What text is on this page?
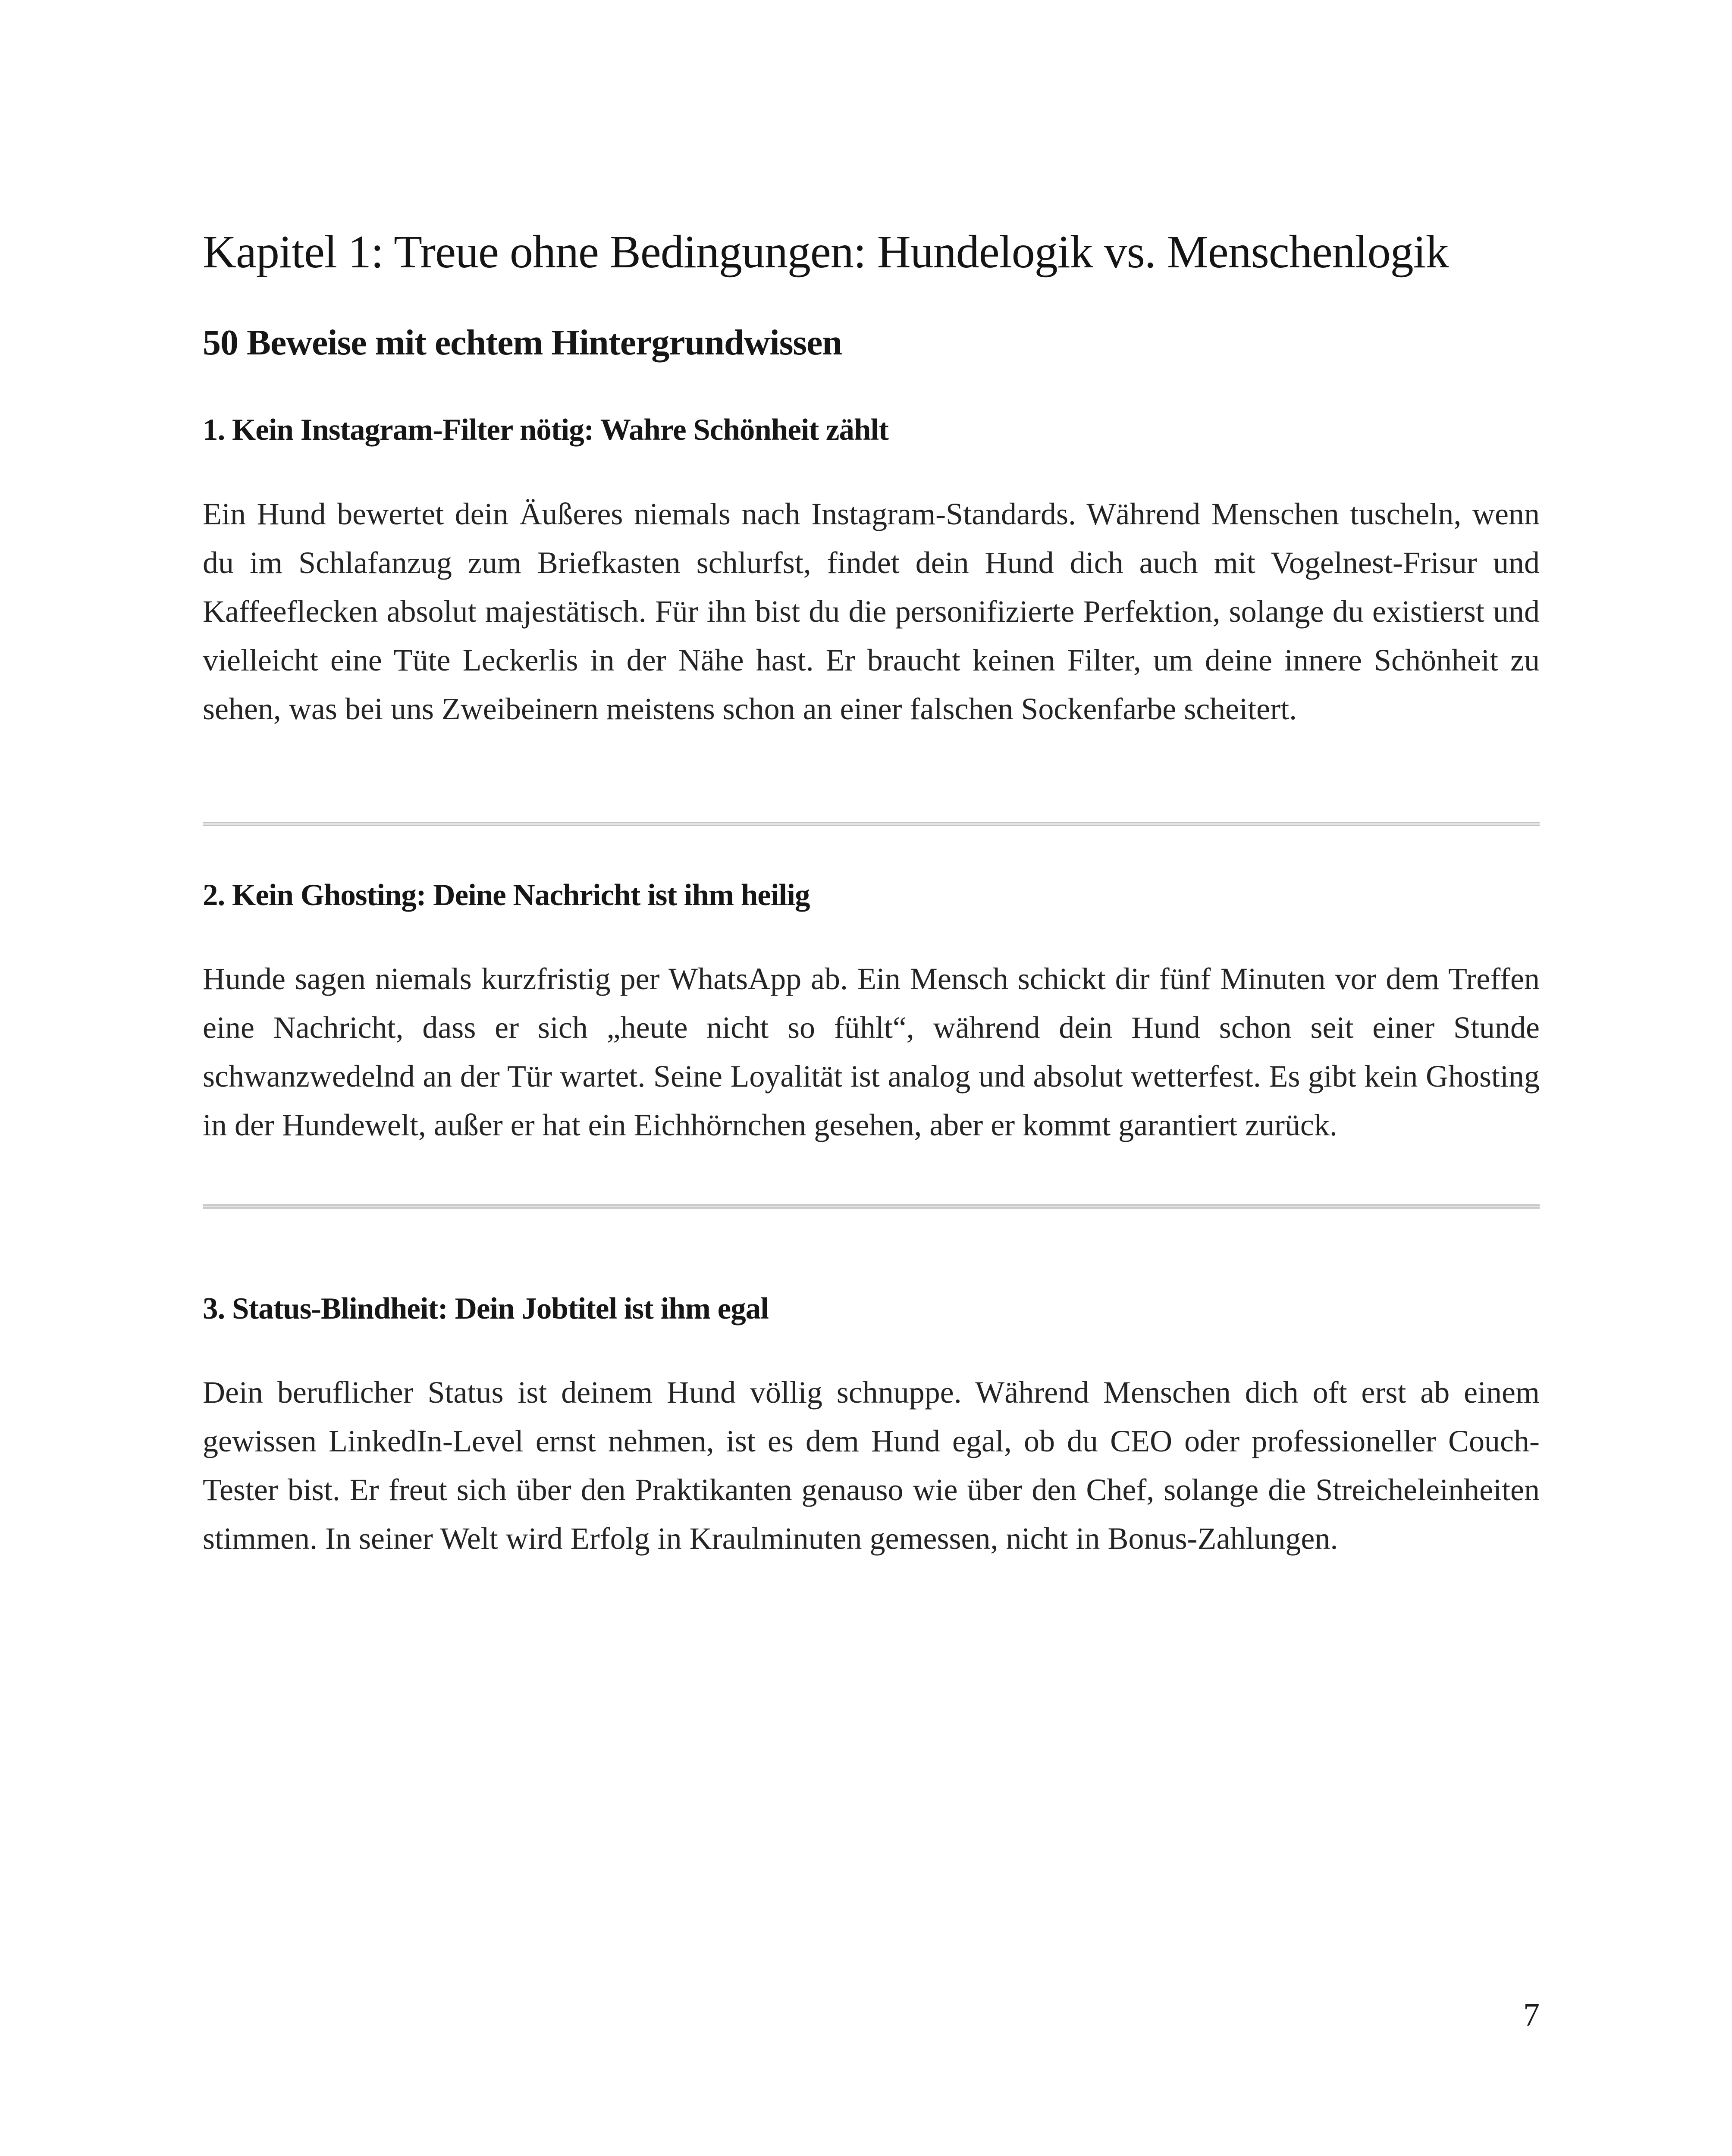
Kapitel 1: Treue ohne Bedingungen: Hundelogik vs. Menschenlogik
50 Beweise mit echtem Hintergrundwissen
1. Kein Instagram-Filter nötig: Wahre Schönheit zählt

Ein Hund bewertet dein Äußeres niemals nach Instagram-Standards. Während Menschen tuscheln, wenn du im Schlafanzug zum Briefkasten schlurfst, findet dein Hund dich auch mit Vogelnest-Frisur und Kaffeeflecken absolut majestätisch. Für ihn bist du die personifizierte Perfektion, solange du existierst und vielleicht eine Tüte Leckerlis in der Nähe hast. Er braucht keinen Filter, um deine innere Schönheit zu sehen, was bei uns Zweibeinern meistens schon an einer falschen Sockenfarbe scheitert.

2. Kein Ghosting: Deine Nachricht ist ihm heilig

Hunde sagen niemals kurzfristig per WhatsApp ab. Ein Mensch schickt dir fünf Minuten vor dem Treffen eine Nachricht, dass er sich „heute nicht so fühlt“, während dein Hund schon seit einer Stunde schwanzwedelnd an der Tür wartet. Seine Loyalität ist analog und absolut wetterfest. Es gibt kein Ghosting in der Hundewelt, außer er hat ein Eichhörnchen gesehen, aber er kommt garantiert zurück.

3. Status-Blindheit: Dein Jobtitel ist ihm egal

Dein beruflicher Status ist deinem Hund völlig schnuppe. Während Menschen dich oft erst ab einem gewissen LinkedIn-Level ernst nehmen, ist es dem Hund egal, ob du CEO oder professioneller Couch-Tester bist. Er freut sich über den Praktikanten genauso wie über den Chef, solange die Streicheleinheiten stimmen. In seiner Welt wird Erfolg in Kraulminuten gemessen, nicht in Bonus-Zahlungen.

7
